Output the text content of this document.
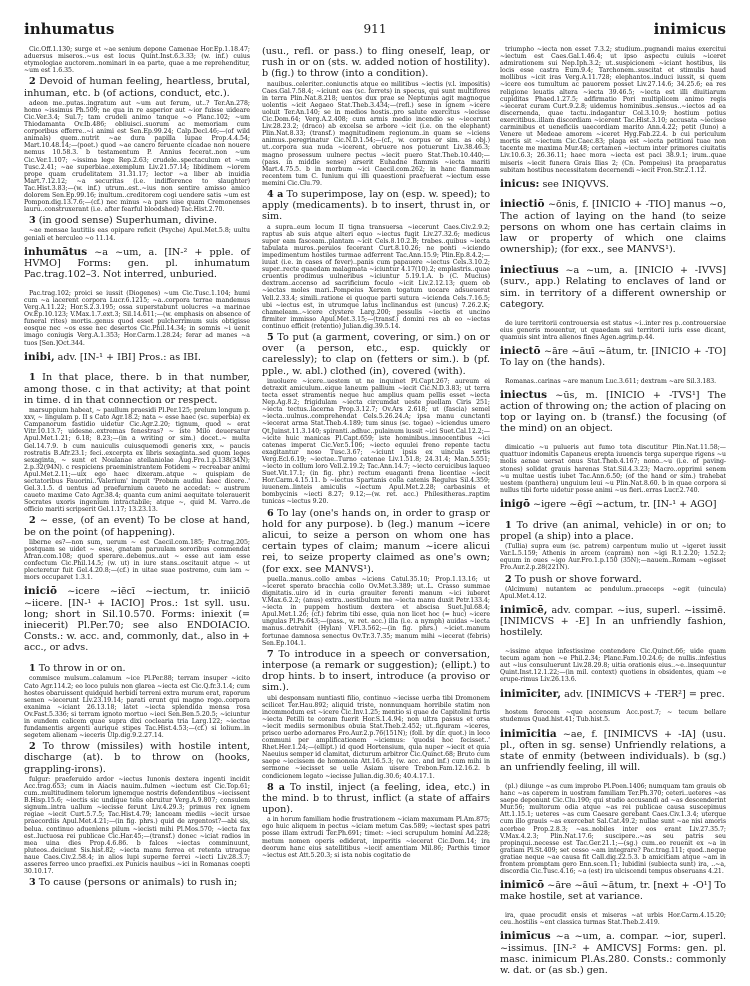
inhumatus	911	inimicus

Cic.Off.1.130; surge et ~ae senium depone Camenae Hor.Ep.1.18.47; aduersus miseros..~us est locus Quint.Inst.6.3.33; (w. inf.) cuius etymologiae auctorem..nominari in ea parte, quae a me reprehenditur, ~um est 1.6.35.

2 Devoid of human feeling, heartless, brutal, inhuman, etc. b (of actions, conduct, etc.).

adeon me..putas..ingratum aut ~um aut ferum, ut..? Ter.An.278; homo ~issimus Ph.509; ne qua in re asperior aut ~ior fuisse uideare Cic.Ver.3.4; Sul.7; tam crudeli animo tanque ~o Planc.102; ~um Thiodamanta Ov.Ib.486; obliuisci..suorum ac memoriam cum corporibus efferre..~i animi est Sen.Ep.99.24; Calp.Decl.46;—(of wild animals) quem..nutrit ~ae dura papilla lupae Prop.4.4.54; Mart.10.48.14;—(poet.) quod ~ae cancro feruente cicadae non nouere nemus 10.58.3. b testamentum P. Annius fecerat..non ~um Cic.Ver.1.107; ~issima lege Rep.2.63; crudele..spectaculum et ~um Tusc.2.41; ~ae superbiae..exemplum Liv.21.57.14; libidinem ~iorem prope quam crudelitatem 31.31.17; lector ~a liber ab inuidia Mart.7.12.12; ~a securitas (i.e. indifference to slaughter) Tac.Hist.3.83;—(w. inf.) utrum..est..~ius non sentire amisso amico dolorem Sen.Ep.99.16; inultum..creditorem cogi uendere satis ~um est Pompon.dig.13.7.6;—(cf.) nec minus ~a pars uise quam Cremonenses lauru..construxerant (i.e. after fearful bloodshed) Tac.Hist.2.70.

3 (in good sense) Superhuman, divine.

~ae mensae lautitiis eas opipare reficit (Psyche) Apul.Met.5.8; uultu geniali et herculeo ~o 11.14.

inhumātus ~a ~um, a. [IN-² + pple. of HVMO] Forms: gen. pl. inhumatum Pac.trag.102–3. Not interred, unburied.

Pac.trag.102; proici se iussit (Diogenes) ~um Cic.Tusc.1.104; humi cum ~a iacerent corpora Lucr.6.1215; ~a..corpora terrae mandemus Verg.A.11.22; Hor.S.2.3.195; ossa superstabunt uolucres ~a marinae Ov.Ep.10.123; V.Max.1.7.ext.3; Sil.14.611;—(w. emphasis on absence of funeral rites) mortis..genus quod esset pulcherrimum suis obtigisse eosque nec ~os esse nec desertos Cic.Phil.14.34; in somnis ~i uenit imago coniugis Verg.A.1.353; Hor.Carm.1.28.24; ferar ad manes ~a tuos [Sen.]Oct.344.

inibi, adv. [IN-¹ + IBI] Pros.: as IBI.

1 In that place, there. b in that number, among those. c in that activity; at that point in time. d in that connection or respect.

marsuppium habeat, ~ paullum praesidi Pl.Per.125; prelum longum p. xxv, ~ lingulam p. II s Cato Agr.18.2; nata ~ esse haec (sc. superbia) ex Campanorum fastidio uidetur Cic.Agr.2.20; tignum, quod ~ erat Vitr.10.13.7; uidesne..extremas fenestras? ~ iste Milo deuersatur Apul.Met.1.21; 6.18; 8.23;—(in a writing or sim.) docet..~ multa Gel.14.7.9. b cum nauiculis cuiusquemodi generis xxx, ~ paucis rostratis B.Afr.23.1; feci..excerpta ex libris sexaginta..sed quom leges sexaginta, ~ sunt et Noulanae atellaniolae Aug.Fro.1.p.138(34N); 2.p.32(94N). c respiciens praeministrantem Fotidem ~ recreabar animi Apul.Met.2.11;—uix ego haec dixeram..atque ~ quispiam de sectatoribus Fauorini..'Valerium' inquit 'Probum audiui haec dicere..' Gel.3.1.5. d uentus ad praefurnium caueto ne accedat: ~ austrum caueto maxime Cato Agr.38.4; quanta cum animi aequitate tolerauerit Socrates uxoris ingenium intractabile; atque ~, quid M. Varro..de officio mariti scripserit Gel.1.17; 13.23.13.

2 ~ esse, (of an event) To be close at hand, be on the point (of happening).

liberne es?—non sum, uerum ~ est Caecil.com.185; Pac.trag.205; postquam se uidet ~ esse, gnatam paruulam sororibus commendat Afran.com.108; quod sperare..debemus..aut ~ esse aut iam esse confectum Cic.Phil.14.5; (w. ut) in iure stans..oscitauit atque ~ ut plecteretur fuit Gel.4.20.8;—(cf.) in uitae suae postremo, cum iam ~ mors occuparet 1.3.1.

iniciō ~icere ~iēcī ~iectum, tr. iniiciō ~iicere. [IN-¹ + IACIO] Pros.: 1st syll. usu. long; short in Sil.10.570. Forms: iniexit (= iniecerit) Pl.Per.70; see also ENDOIACIO. Consts.: w. acc. and, commonly, dat., also in + acc., or advs.

1 To throw in or on.

commisce mulsum..calamum ~ice Pl.Per.88; terram insuper ~icito Cato Agr.114.2; eo loco puluis non glarea ~iecta est Cic.Q.fr.3.1.4; cum hostes obaruissent quidquid herbidi terreni extra murum erat, raporum semen ~iecerunt Liv.23.19.14; parati erunt qui magno rogo..corpora exanima ~iciant 26.13.18; latet ~iecta splendida mensa rosa Ov.Fast.5.336; si terram ignoto mortuo ~ieci Sen.Ben.5.20.5; ~iciuntur in eundem calicem quae supra dixi coclearia tria Larg.122; ~iectae fundamentis argenti aurique stipes Tac.Hist.4.53;—(cf.) si lolium..in segetem alienam ~ieceris Ulp.dig.9.2.27.14.

2 To throw (missiles) with hostile intent, discharge (at). b to throw on (hooks, grappling-irons).

fulgur: praeferuido ardor ~iectus Iunonis dextera ingenti incidit Acc.trag.653; cum in Aiacis nauim..fulmen ~iectum est Cic.Top.61; cum..multitudinem telorum ignemque nostris defendentibus ~iecissent B.Hisp.15.6; ~iectis sic undique telis obruitur Verg.A.9.807; consulem signum..intra uallum ~iecisse ferunt Liv.4.29.3; primus rex ignem regiae ~iecit Curt.5.7.5; Tac.Hist.4.79; lanceam mediis ~iecit ursae praecordiis Apul.Met.4.21;—(in fig. phrs.) quid de argentost?—abi sis, belua. continuo aduenìens pilum ~iecisti mihi Pl.Mos.570; ~iecta fax est..luctuosa rei publicae Cic.Har.45;—(transf.) donec ~iciat radios in mea uina dies Prop.4.6.86. b falces ~iectas comminuunt, pluteos..deiciunt Sis.hist.82; ~iecta manu ferrea et retenta utraque naue Caes.Civ.2.58.4; in alios lupi superne ferrei ~iecti Liv.28.3.7; asseres ferreo unco praefixi..ex Punicis nauibus ~ici in Romanas coepti 30.10.17.

3 To cause (persons or animals) to rush in;

(usu., refl. or pass.) to fling oneself, leap, or rush in or on (sts. w. added notion of hostility). b (fig.) to throw (into a condition).

nauibus..celeriter..coniunctis atque eo militibus ~iectis (v.l. impositis) Caes.Gal.7.58.4; ~iciunt eas (sc. ferrets) in specus, qui sunt multifores in terra Plin.Nat.8.218; uentos dux prae se Neptunus agit magnoque uolentis ~icit Aegaeo Stat.Theb.3.434;—(refl.) sese in ignem ~icere uoluit Ter.An.140; se in medios hostis..pro salute exercitus ~iecisse Cic.Dom.64; Verg.A.2.408; cum armis medio incendio se ~iecerunt Liv.28.23.2; (draco) ab excelsa se arbore ~icit (i.e. on the elephant) Plin.Nat.8.33; (transf.) magnitudinem regionum..in quam se ~iciens animus..peregrinatur Cic.N.D.1.54;—(cf., w. corpus or sim. as obj.) ut..corpora sua nuda ~icerent, obruere nos potuerunt Liv.38.46.3; magno prosessum uulnere pectus ~iecit puero Stat.Theb.10.440;—(pass. in middle sense) arserit Euhadne flammis ~iecta mariti Mart.4.75.5. b in morbum ~ici Caecil.com.262; in hanc flammam recentem tum C. Iunium qui illi quaestioni praefuerat ~iectum esse memini Cic.Clu.79.

4 a To superimpose, lay on (esp. w. speed); to apply (medicaments). b to insert, thrust in, or sim.

a supra..eum locum II tigna transuersa ~iecerunt Caes.Civ.2.9.2; raptus ab suis atque alteri equo ~iectus fugit Liv.27.32.6; medicus super eam fasceam..plantam ~icit Cels.8.10.2.B; trabes..quibus ~iecta tabulata muros..peruios fecerant Curt.8.10.26; ne ponti ~iciendo impedimentum hostiles turmae adferrent Tac.Ann.15.9; Plin.Ep.8.4.2;—iuuat (i.e. in cases of fever)..panis cum papauere ~iectus Cels.3.10.2; super..recte quaedam malagmata ~iciuntur 4.17(10).2; emplastris..quae cruentis prodimus uulneribus ~iciuntur 5.19.1.A. b (C. Mucius) dextram..accenso ad sacrificium foculo ~icit Liv.2.12.13; quem ob ~iectas moles mari..Pompeius Xerxen togatum uocare adsueuerat Vell.2.33.4; simili..ratione ei quoque parti sutura ~icienda Cels.7.16.5; ubi ~iectus est, in utrumque latus inclinandus est (uncus) 7.26.2.K; chameleam..~icere clystere Larg.200; pessulis ~iectis et uncino firmiter immisso Apul.Met.3.15;—(transf.) domini res ab eo ~iectas continuo efficit (retentio) Julian.dig.39.5.14.

5 To put (a garment, covering, or sim.) on or over (a person, etc., esp. quickly or carelessly); to clap on (fetters or sim.). b (pf. pple., w. abl.) clothed (in), covered (with).

inuoluere ~icere..uestem ut ne inquinet Pl.Capt.267; aureum ei detraxit amiculum..eique laneum pallium ~iecit Cic.N.D.3.83; ut terra tecta esset stramentis neque huc amplius quam pellis esset ~iecta Nep.Ag.8.2; frigidulam ~iecta circumdat ueste puellam Ciris 251; ~iecta tectus..lacerna Prop.3.12.7; Ov.Ars 2.618; ut (fascia) semel ~iecta..uulnus..comprehendat Cels.5.26.24.A; ipsa manu cunctanti ~iecerat arma Stat.Theb.4.189; tum sinus (sc. togae) ~iciendus umero Qt.Juinst.11.3.140; spiranti..adhuc..pulainum iussit ~ici Suet.Cal.12.2;—~icite huic manicas Pl.Capt.659; iste hominibus..innocentibus ~ici catenas imperat Cic.Ver.5.106; ~iecto equulei freno repente tactu exagitantur noso Tusc.3.67; ~iciunt ipsis ex uincula sertis Verg.Ecl.6.19; ~iectae..Turno catenae Liv.1.51.8; 24.31.4; Man.5.551; ~iecto in collum loro Vell.2.19.2; Tac.Ann.14.7; ~iecto ceruicibus laqueo Suet.Vit.17.1; (in fig. phr.) rectum euaganti frena licentiae ~iecit Hor.Carm.4.15.11. b ~iectus Spartanis colla catenis Regulus Sil.4.359; iuuenem..linteis amiculis ~iectum Apul.Met.2.28; carbasinis et bombycinis ~iecti 8.27; 9.12;—(w. ret. acc.) Philesitheras..raptim tunicas ~iectus 9.20.

6 To lay (one's hands on, in order to grasp or hold for any purpose). b (leg.) manum ~icere alicui, to seize a person on whom one has certain types of claim; manum ~icere alicui rei, to seize property claimed as one's own; (for exx. see MANVS¹).

puella..manus..collo ambas ~iciens Catul.35.10; Prop.1.13.16; ut ~iceret sperato bracchia collo Ov.Met.3.389; ut..L. Crasso summae dignitatis..uiro id in curia grauiter ferenti manum ~ici iuberet V.Max.6.2.2; (anus) extra..uestibulum me ~iecta manu duxit Petr.133.4; ~iecta in puppem hostium dextera et abscisa Suet.Jul.68.4; Apul.Met.1.26; (cf.) febrim tibi esse, quia non licet hoc (= huc) ~icere ungulas Pl.Ps.643;—(pass., w. ret. acc.) illa (i.e. a nymph) auidas ~iecta manus..detrahit (Hylan) V.Fl.3.562;—(in fig. phrs.) ~iciet..manum fortunae damnosa senectus Ov.Tr.3.7.35; manum mihi ~iecerat (febris) Sen.Ep.104.1.

7 To introduce in a speech or conversation, interpose (a remark or suggestion); (ellipt.) to drop hints. b to insert, introduce (a proviso or sim.).

ubi desponsam nuntiasti filio, continuo ~iecisse uerba tibi Dromonem scilicet Ter.Hau.892; aliquid triste, nonnunquam horribile statim non incommodum est ~icere Cic.Inv.1.25; mentio si quae de Capitolini furtis ~iecta Petilli te coram fuerit Hor.S.1.4.94; non ultra passus et orsa ~iecit mediis sermonibus obuia Stat.Theb.2.452; ut..figuram ~iceres, prisco uerbo adornares Fro.Aur.2.p.76(151N); (foll. by dir. quot.) in loco communi per amplificationem ~iciemus: 'quodsi hoc fecisset..' Rhet.Her.1.24;—(ellipt.) id quod Hortensium, quia nuper ~iecit et quia Naeuius semper id clamitat, dicturum arbitror Cic.Quinct.68; Bruto cum saepe ~iecissem de homonoia Att.16.5.3; (w. acc. and inf.) cum mihi in sermone ~iecisset se uelle Asiam uisere Trebon.Fam.12.16.2. b condicionem legato ~iecisse Julian.dig.30.6; 40.4.17.1.

8 a To instil, inject (a feeling, idea, etc.) in the mind. b to thrust, inflict (a state of affairs upon).

a in horum familiam hodie frustrationem ~iciam maxumam Pl.Am.875; ego huic aliquem in pectus ~iciam metum Cas.589; ~iectast spes patri posse illam extrudi Ter.Ph.691; timet: ~ieci scrupulum homini Ad.228; metum nomen operis ediderat, imperitis ~iecerat Cic.Dom.14; ira deorum hanc eius satellitibus ~iecit amentiam Mil.86; Parthis timor ~iectus est Att.5.20.3; si ista nobis cogitatio de

triumpho ~iecta non esset 7.3.2; studium..pugnandi maius exercitui ~iectum est Caes.Gal.1.46.4; ut ipso aspectu cuiuis ~iceret admirationem sui Nep.Iph.3.2; ut..suspicionem ~iciant hostibus, iis locis esse castra Eum.9.4; Tarchonem..suscitat et stimulis haud mollibus ~icit iras Verg.A.11.728; elephantos..induci iussit, si quem ~icere eos tumultum ac pauorem posset Liv.27.14.6; 34.25.6; ea res religione leuatis altera ~iecta 39.46.5; ~iecta est illi diuitiarum cupiditas Phaed.1.27.5; adfirmatio Pori multiplicem animo regis ~iecerat curam Curt.9.2.8; uidemus hominibus..sensus..~iectos ad ea discernenda, quae tactu..indagantur Col.3.10.9; hostium potius exercitibus..illam discordiam ~icerent Tac.Hist.3.10; accusata ~iecisse carminibus et ueneficiis uaecordiam marito Ann.4.22; petit (Iuno) a Venere ut Medeae amorem ~iceret Hyg.Fab.22.4. b cui periculum mortis sit ~iectum Cic.Caec.83; plaga est ~iecta petitioni tuae non tacente me maxima Mur.48; certamen ~iectum inter primores ciuitatis Liv.10.6.3; 26.36.11; haec mora ~iecta est paci 38.9.1; irum..quae miseris ~iecit funera Grais Ilias 2; (Cn. Pompeius) ita praeparatus subitam hostibus necessitatem decernendi ~iecit Fron.Str.2.1.12.

inicus: see INIQVVS.

iniectiō ~ōnis, f. [INICIO + -TIO] manus ~o, The action of laying on the hand (to seize persons on whom one has certain claims in law or property of which one claims ownership); (for exx., see MANVS¹).

iniectīuus ~a ~um, a. [INICIO + -IVVS] (surv., app.) Relating to enclaves of land or sim. in territory of a different ownership or category.

de iure territorii controuersia est status ~i..inter res p..controuersiae eius generis mouentur, ut quaedam sui territorii iuris esse dicant, quamuis sint intra alienos fines Agen.agrim.p.44.

iniectō ~āre ~āuī ~ātum, tr. [INICIO + -TO] To lay on (the hands).

Romanas..carinas ~are manum Luc.3.611; dextram ~are Sil.3.183.

iniectus ~ūs, m. [INICIO + -TVS¹] The action of throwing on; the action of placing on top or laying on. b (transf.) the focusing (of the mind) on an object.

dimicatio ~u pulueris aut fumo tota discutitur Plin.Nat.11.58;—quattuor indomitis Capaneus erepta iuuencis terga superque rigens ~u molis aenae uersat onus Stat.Theb.4.167; nono..~u (i.e. of paving-stones) solidat grauis harenas Stat.Sil.4.3.23; Macro..opprimi senem ~u multae uestis iubet Tac.Ann.6.50; (of the hand or sim.) trahebat uestem (panthera) unguium leui ~u Plin.Nat.8.60. b in quae corpora si nullus tibi forte uidetur posse animi ~us fieri..erras Lucr.2.740.

inigō ~igere ~ēgī ~actum, tr. [IN-¹ + AGO]

1 To drive (an animal, vehicle) in or on; to propel (a ship) into a place.

(Tullia) supra eum (sc. patrem) carpentum mulio ut ~igeret iussit Var.L.5.159; Athenis in arcem (capram) non ~igi R.1.2.20; 1.52.2; equum in oues ~igo Aur.Fro.1.p.150 (35N);—nauem..Romam ~egisset Fro.Aur.2.p.28(221N).

2 To push or shove forward.

(Alcimum) nutantem ac pendulum..praeceps ~egit (uincula) Apul.Met.4.12.

inimīcē, adv. compar. ~ius, superl. ~issimē. [INIMICVS + -E] In an unfriendly fashion, hostilely.

~issime atque infestissime contendere Cic.Quinct.66; uide quam tecum agam non ~e Phil.2.34; Planc.Fam.10.24.6; de nullis..infestius aut ~ius consuluerunt Liv.28.29.8; uitia orationis eius..~e..insequuntur Quint.Inst.12.1.22;—(in mil. context) quotiens in obsidentes, quam ~e erupe-rimus Liv.26.13.6.

inimīciter, adv. [INIMICVS + -TER²] = prec.

hostem ferocem ~que accensum Acc.post.7; ~ tecum bellare studemus Quad.hist.41; Tub.hist.5.

inimīcitia ~ae, f. [INIMICVS + -IA] (usu. pl., often in sg. sense) Unfriendly relations, a state of enmity (between individuals). b (sg.) an unfriendly feeling, ill will.

(pl.) diiunge ~as cum improbo Pl.Poen.1406; numquam tam grauis ob hanc ~as caperem in uostram familiam Ter.Ph.370; ceteri..ueteres ~as saepe deponunt Cic.Clu.190; qui studio accusandi ad ~as descenderint Mur.56; multorum odia atque ~as rei publicae causa suscepimus Att.1.15.1; ueteres ~as cum Caesare gerebant Caes.Civ.1.3.4; uterque cum illo grauis ~as exercebat Sal.Cat.49.2; nullae sunt ~ae nisi amoris acerbae Prop.2.8.3; ~as..nobiles inter eos erant Liv.27.35.7; V.Max.4.2.3; Plin.Nat.17.6; suscipere..~as seu patris seu propinqui..necesse est Tac.Ger.21.1;—(sg.) cum..eo reuenit ex ~a in gratiam Pl.St.409; set cesso ~am integrare? Pac.trag.111; quod..neque gratiae neque ~ae causa fit Call.dig.22.5.3. b amicitiam atque ~am in frontem promptam gero Enn.scen.11; lubidini (subiecta sunt) ira, ..~a, discordia Cic.Tusc.4.16; ~a (est) ira ulciscendi tempus obseruans 4.21.

inimīcō ~āre ~āuī ~ātum, tr. [next + -O¹] To make hostile, set at variance.

ira, quae procudit ensis et miseras ~at urbis Hor.Carm.4.15.20; ceu..hostilis ~ent classica turmas Stat.Theb.2.419.

inimīcus ~a ~um, a. compar. ~ior, superl. ~issimus. [IN-² + AMICVS] Forms: gen. pl. masc. inimicum Pl.As.280. Consts.: commonly w. dat. or (as sb.) gen.
